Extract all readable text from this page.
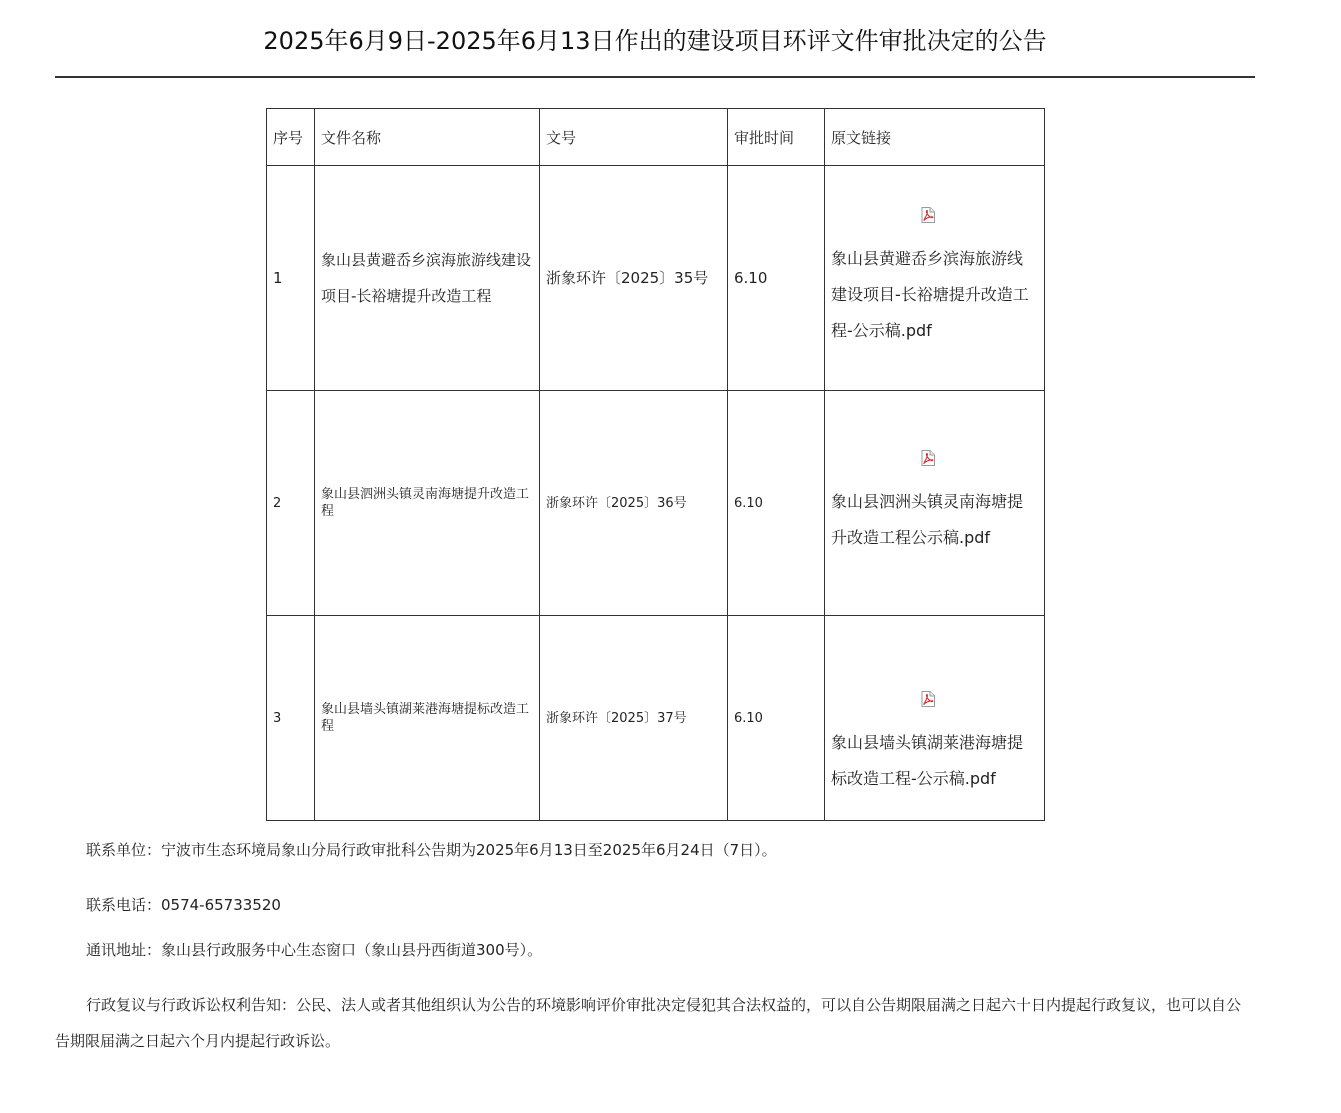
2025年6月9日-2025年6月13日作出的建设项目环评文件审批决定的公告
序号	文件名称	文号	审批时间	原文链接
1	象山县黄避岙乡滨海旅游线建设项目-长裕塘提升改造工程	浙象环许〔2025〕35号	6.10	象山县黄避岙乡滨海旅游线建设项目-长裕塘提升改造工程-公示稿.pdf

2	象山县泗洲头镇灵南海塘提升改造工程	浙象环许〔2025〕36号	6.10	象山县泗洲头镇灵南海塘提升改造工程公示稿.pdf

3	象山县墙头镇湖莱港海塘提标改造工程	浙象环许〔2025〕37号	6.10	象山县墙头镇湖莱港海塘提标改造工程-公示稿.pdf

联系单位：宁波市生态环境局象山分局行政审批科公告期为2025年6月13日至2025年6月24日（7日）。

联系电话：0574-65733520

通讯地址：象山县行政服务中心生态窗口（象山县丹西街道300号）。

行政复议与行政诉讼权利告知：公民、法人或者其他组织认为公告的环境影响评价审批决定侵犯其合法权益的，可以自公告期限届满之日起六十日内提起行政复议，也可以自公告期限届满之日起六个月内提起行政诉讼。
